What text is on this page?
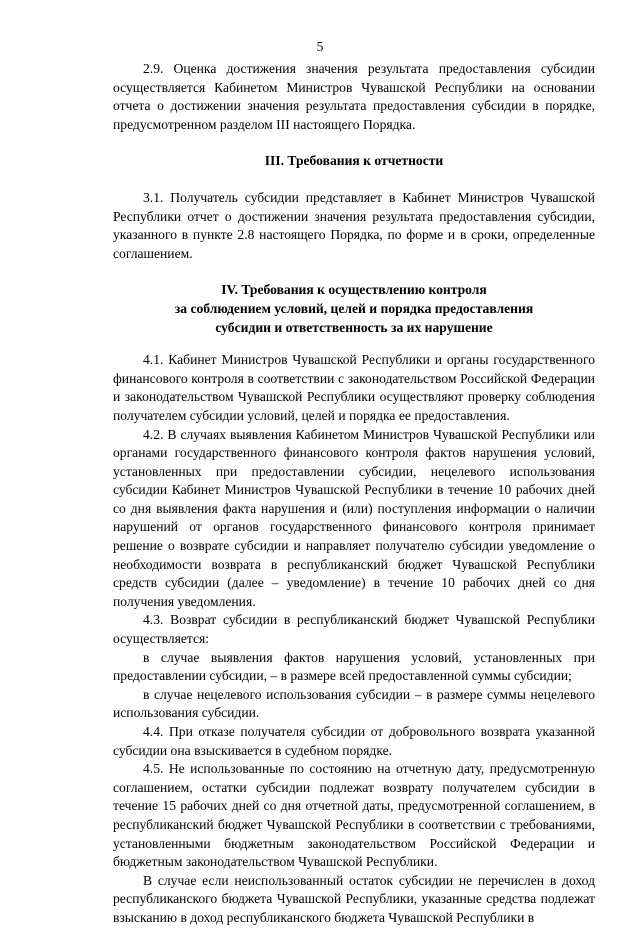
5

2.9. Оценка достижения значения результата предоставления субсидии осуществляется Кабинетом Министров Чувашской Республики на основании отчета о достижении значения результата предоставления субсидии в порядке, предусмотренном разделом III настоящего Порядка.

III. Требования к отчетности

3.1. Получатель субсидии представляет в Кабинет Министров Чувашской Республики отчет о достижении значения результата предоставления субсидии, указанного в пункте 2.8 настоящего Порядка, по форме и в сроки, определенные соглашением.

IV. Требования к осуществлению контроля
за соблюдением условий, целей и порядка предоставления
субсидии и ответственность за их нарушение

4.1. Кабинет Министров Чувашской Республики и органы государственного финансового контроля в соответствии с законодательством Российской Федерации и законодательством Чувашской Республики осуществляют проверку соблюдения получателем субсидии условий, целей и порядка ее предоставления.

4.2. В случаях выявления Кабинетом Министров Чувашской Республики или органами государственного финансового контроля фактов нарушения условий, установленных при предоставлении субсидии, нецелевого использования субсидии Кабинет Министров Чувашской Республики в течение 10 рабочих дней со дня выявления факта нарушения и (или) поступления информации о наличии нарушений от органов государственного финансового контроля принимает решение о возврате субсидии и направляет получателю субсидии уведомление о необходимости возврата в республиканский бюджет Чувашской Республики средств субсидии (далее – уведомление) в течение 10 рабочих дней со дня получения уведомления.

4.3. Возврат субсидии в республиканский бюджет Чувашской Республики осуществляется:

в случае выявления фактов нарушения условий, установленных при предоставлении субсидии, – в размере всей предоставленной суммы субсидии;

в случае нецелевого использования субсидии – в размере суммы нецелевого использования субсидии.

4.4. При отказе получателя субсидии от добровольного возврата указанной субсидии она взыскивается в судебном порядке.

4.5. Не использованные по состоянию на отчетную дату, предусмотренную соглашением, остатки субсидии подлежат возврату получателем субсидии в течение 15 рабочих дней со дня отчетной даты, предусмотренной соглашением, в республиканский бюджет Чувашской Республики в соответствии с требованиями, установленными бюджетным законодательством Российской Федерации и бюджетным законодательством Чувашской Республики.

В случае если неиспользованный остаток субсидии не перечислен в доход республиканского бюджета Чувашской Республики, указанные средства подлежат взысканию в доход республиканского бюджета Чувашской Республики в
